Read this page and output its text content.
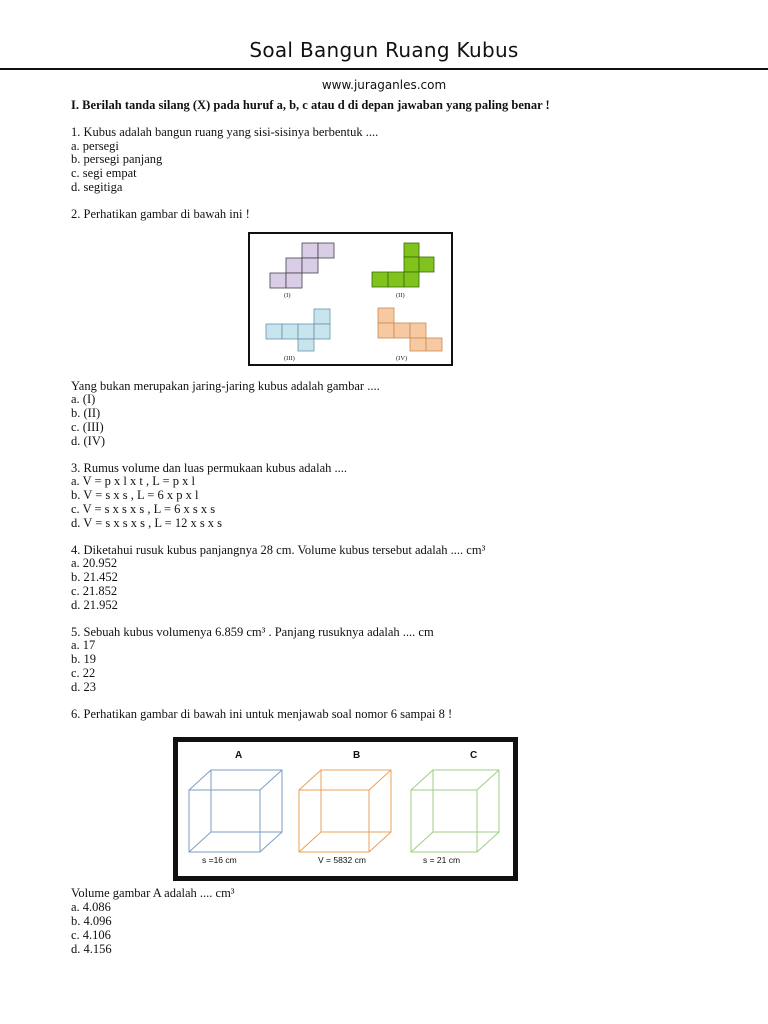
Soal Bangun Ruang Kubus
www.juraganles.com

I. Berilah tanda silang (X) pada huruf a, b, c atau d di depan jawaban yang paling benar !

1. Kubus adalah bangun ruang yang sisi-sisinya berbentuk ....

a. persegi

b. persegi panjang

c. segi empat

d. segitiga

2. Perhatikan gambar di bawah ini !

Yang bukan merupakan jaring-jaring kubus adalah gambar ....

a. (I)

b. (II)

c. (III)

d. (IV)

3. Rumus volume dan luas permukaan kubus adalah ....

a. V = p x l x t , L = p x l

b. V = s x s , L = 6 x p x l

c. V = s x s x s , L = 6 x s x s

d. V = s x s x s , L = 12 x s x s

4. Diketahui rusuk kubus panjangnya 28 cm. Volume kubus tersebut adalah .... cm³

a. 20.952

b. 21.452

c. 21.852

d. 21.952

5. Sebuah kubus volumenya 6.859 cm³ . Panjang rusuknya adalah .... cm

a. 17

b. 19

c. 22

d. 23

6. Perhatikan gambar di bawah ini untuk menjawab soal nomor 6 sampai 8 !

Volume gambar A adalah .... cm³

a. 4.086

b. 4.096

c. 4.106

d. 4.156

(I)	(II)
(III)	(IV)
A	B	C
s =16 cm	V = 5832 cm	s = 21 cm
